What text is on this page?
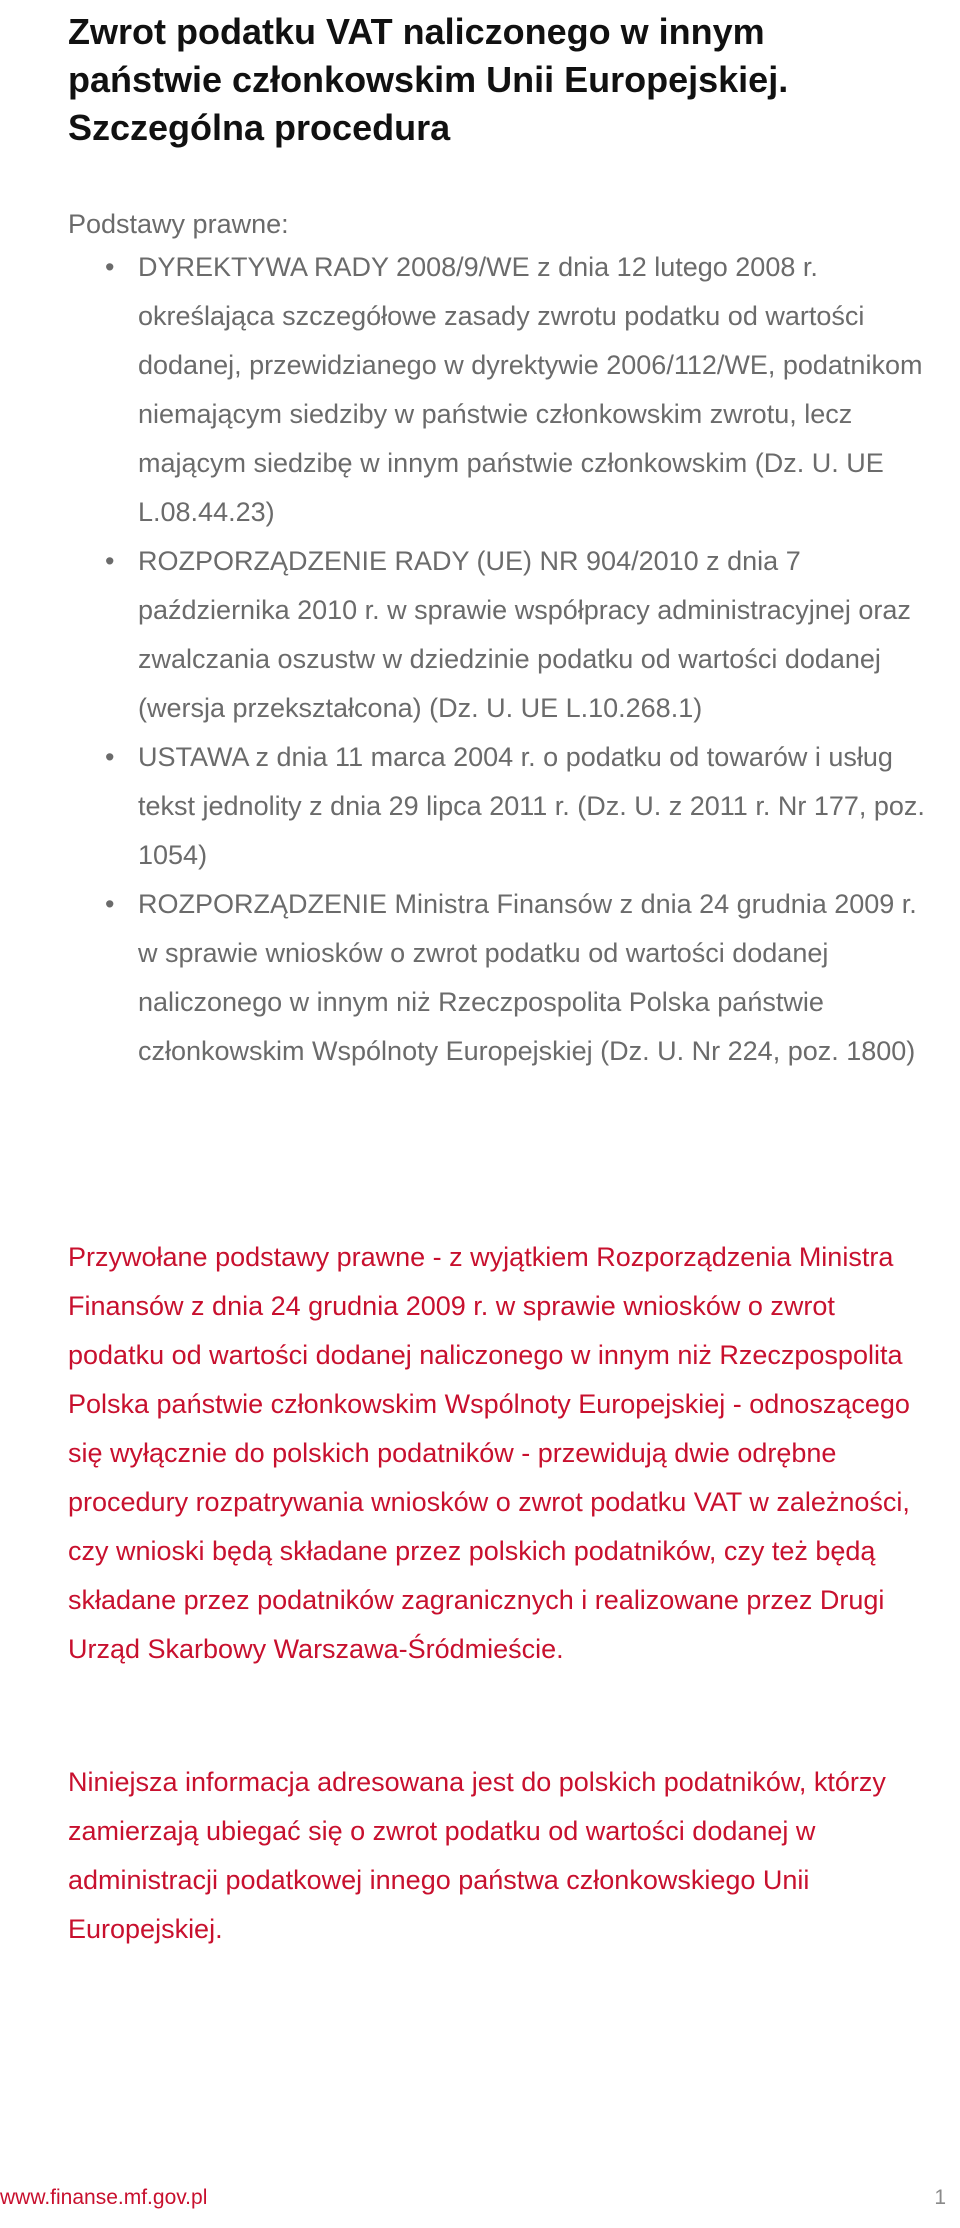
Zwrot podatku VAT naliczonego w innym państwie członkowskim Unii Europejskiej. Szczególna procedura

Podstawy prawne:

• DYREKTYWA RADY 2008/9/WE z dnia 12 lutego 2008 r. określająca szczegółowe zasady zwrotu podatku od wartości dodanej, przewidzianego w dyrektywie 2006/112/WE, podatnikom niemającym siedziby w państwie członkowskim zwrotu, lecz mającym siedzibę w innym państwie członkowskim (Dz. U. UE L.08.44.23)
• ROZPORZĄDZENIE RADY (UE) NR 904/2010 z dnia 7 października 2010 r. w sprawie współpracy administracyjnej oraz zwalczania oszustw w dziedzinie podatku od wartości dodanej (wersja przekształcona) (Dz. U. UE L.10.268.1)
• USTAWA z dnia 11 marca 2004 r. o podatku od towarów i usług tekst jednolity z dnia 29 lipca 2011 r. (Dz. U. z 2011 r. Nr 177, poz. 1054)
• ROZPORZĄDZENIE Ministra Finansów z dnia 24 grudnia 2009 r. w sprawie wniosków o zwrot podatku od wartości dodanej naliczonego w innym niż Rzeczpospolita Polska państwie członkowskim Wspólnoty Europejskiej (Dz. U. Nr 224, poz. 1800)

Przywołane podstawy prawne - z wyjątkiem Rozporządzenia Ministra Finansów z dnia 24 grudnia 2009 r. w sprawie wniosków o zwrot podatku od wartości dodanej naliczonego w innym niż Rzeczpospolita Polska państwie członkowskim Wspólnoty Europejskiej - odnoszącego się wyłącznie do polskich podatników - przewidują dwie odrębne procedury rozpatrywania wniosków o zwrot podatku VAT w zależności, czy wnioski będą składane przez polskich podatników, czy też będą składane przez podatników zagranicznych i realizowane przez Drugi Urząd Skarbowy Warszawa-Śródmieście.

Niniejsza informacja adresowana jest do polskich podatników, którzy zamierzają ubiegać się o zwrot podatku od wartości dodanej w administracji podatkowej innego państwa członkowskiego Unii Europejskiej.

www.finanse.mf.gov.pl	1
